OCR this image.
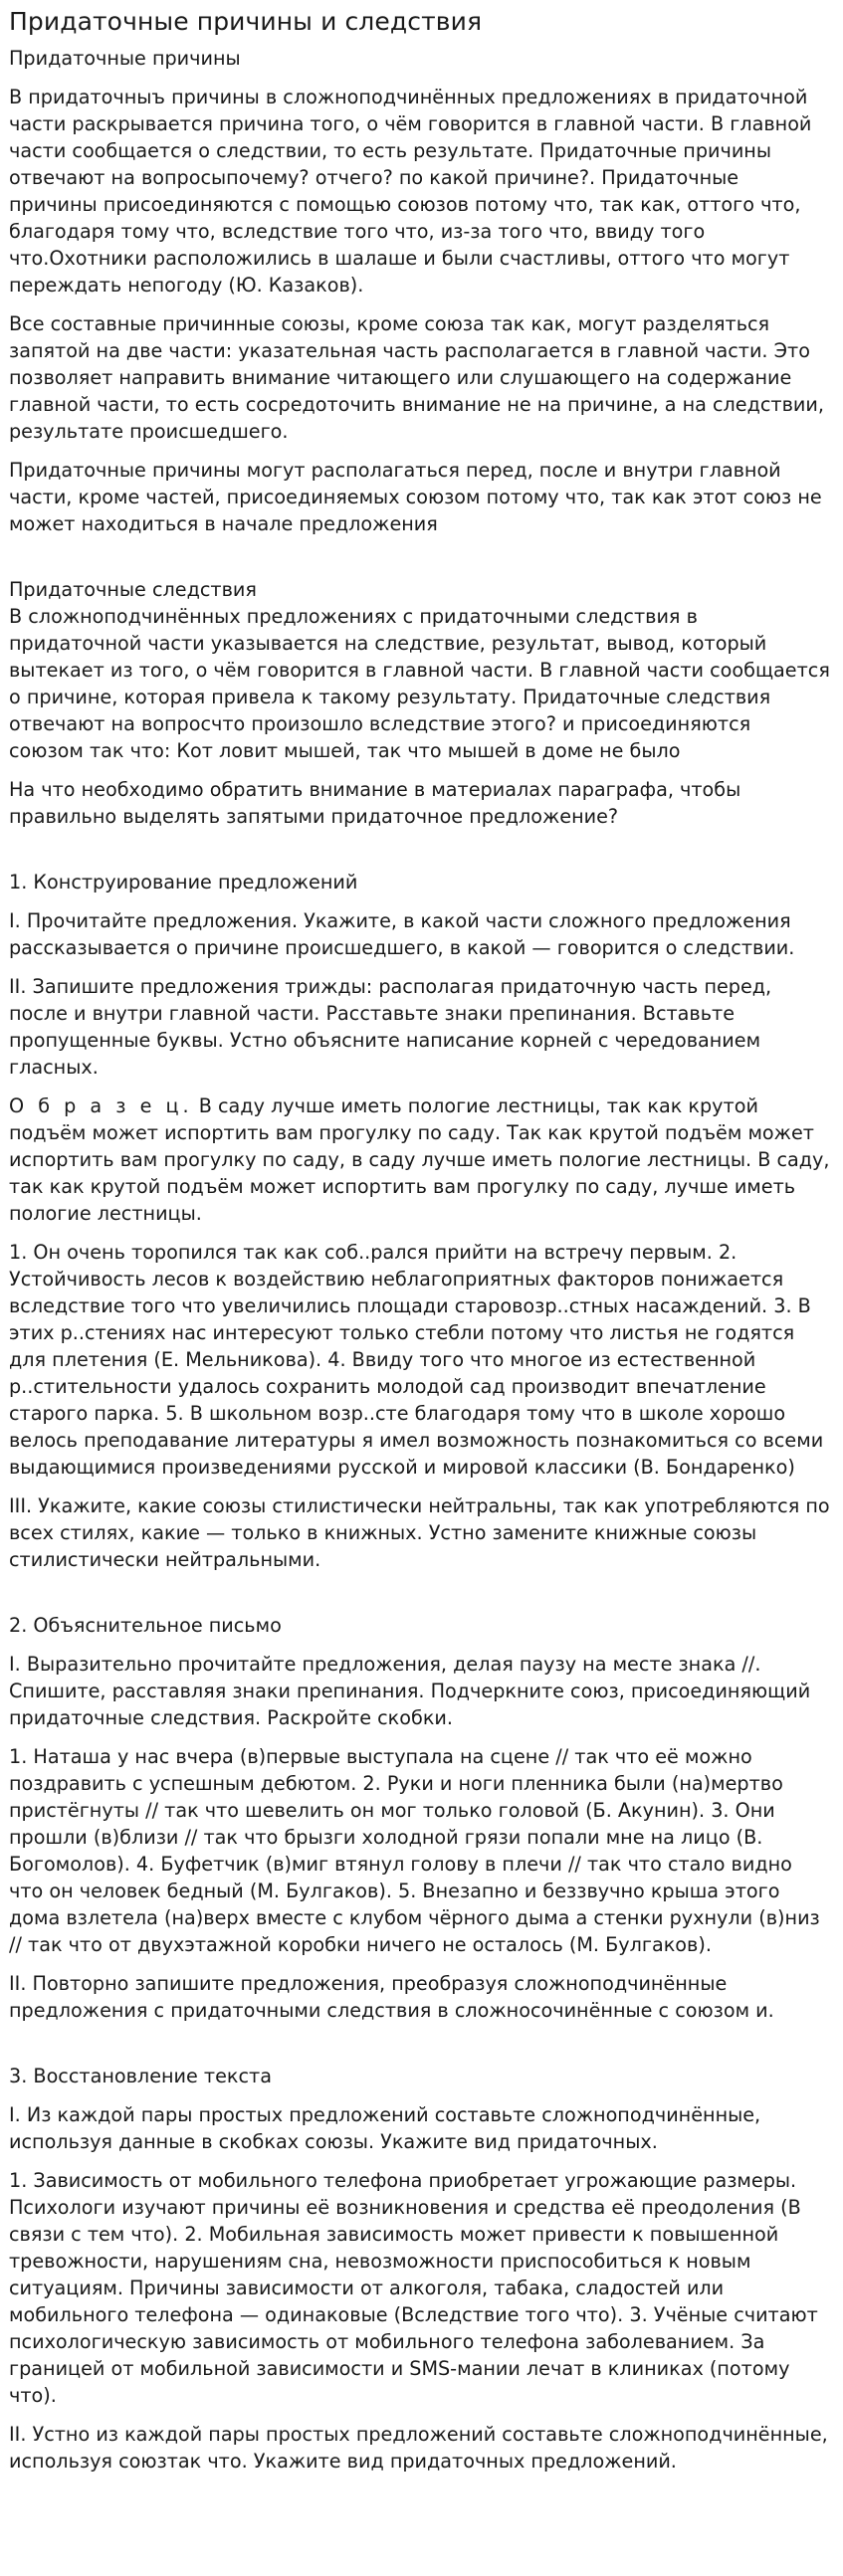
Придаточные причины и следствия
Придаточные причины

В придаточныъ причины в сложноподчинённых предложениях в придаточной части раскрывается причина того, о чём говорится в главной части. В главной части сообщается о следствии, то есть результате. Придаточные причины отвечают на вопросыпочему? отчего? по какой причине?. Придаточные причины присоединяются с помощью союзов потому что, так как, оттого что, благодаря тому что, вследствие того что, из-за того что, ввиду того что.Охотники расположились в шалаше и были счастливы, оттого что могут переждать непогоду (Ю. Казаков).

Все составные причинные союзы, кроме союза так как, могут разделяться запятой на две части: указательная часть располагается в главной части. Это позволяет направить внимание читающего или слушающего на содержание главной части, то есть сосредоточить внимание не на причине, а на следствии, результате происшедшего.

Придаточные причины могут располагаться перед, после и внутри главной части, кроме частей, присоединяемых союзом потому что, так как этот союз не может находиться в начале предложения

Придаточные следствия

В сложноподчинённых предложениях с придаточными следствия в придаточной части указывается на следствие, результат, вывод, который вытекает из того, о чём говорится в главной части. В главной части сообщается о причине, которая привела к такому результату. Придаточные следствия отвечают на вопросчто произошло вследствие этого? и присоединяются союзом так что: Кот ловит мышей, так что мышей в доме не было

На что необходимо обратить внимание в материалах параграфа, чтобы правильно выделять запятыми придаточное предложение?

1. Конструирование предложений

I. Прочитайте предложения. Укажите, в какой части сложного предложения рассказывается о причине происшедшего, в какой — говорится о следствии.

II. Запишите предложения трижды: располагая придаточную часть перед, после и внутри главной части. Расставьте знаки препинания. Вставьте пропущенные буквы. Устно объясните написание корней с чередованием гласных.

О б р а з е ц. В саду лучше иметь пологие лестницы, так как крутой подъём может испортить вам прогулку по саду. Так как крутой подъём может испортить вам прогулку по саду, в саду лучше иметь пологие лестницы. В саду, так как крутой подъём может испортить вам прогулку по саду, лучше иметь пологие лестницы.

1. Он очень торопился так как соб..рался прийти на встречу первым. 2. Устойчивость лесов к воздействию неблагоприятных факторов понижается вследствие того что увеличились площади старовозр..стных насаждений. 3. В этих р..стениях нас интересуют только стебли потому что листья не годятся для плетения (Е. Мельникова). 4. Ввиду того что многое из естественной р..стительности удалось сохранить молодой сад производит впечатление старого парка. 5. В школьном возр..сте благодаря тому что в школе хорошо велось преподавание литературы я имел возможность познакомиться со всеми выдающимися произведениями русской и мировой классики (В. Бондаренко)

III. Укажите, какие союзы стилистически нейтральны, так как употребляются по всех стилях, какие — только в книжных. Устно замените книжные союзы стилистически нейтральными.

2. Объяснительное письмо

I. Выразительно прочитайте предложения, делая паузу на месте знака //. Спишите, расставляя знаки препинания. Подчеркните союз, присоединяющий придаточные следствия. Раскройте скобки.

1. Наташа у нас вчера (в)первые выступала на сцене // так что её можно поздравить с успешным дебютом. 2. Руки и ноги пленника были (на)мертво пристёгнуты // так что шевелить он мог только головой (Б. Акунин). 3. Они прошли (в)близи // так что брызги холодной грязи попали мне на лицо (В. Богомолов). 4. Буфетчик (в)миг втянул голову в плечи // так что стало видно что он человек бедный (М. Булгаков). 5. Внезапно и беззвучно крыша этого дома взлетела (на)верх вместе с клубом чёрного дыма а стенки рухнули (в)низ // так что от двухэтажной коробки ничего не осталось (М. Булгаков).

II. Повторно запишите предложения, преобразуя сложноподчинённые предложения с придаточными следствия в сложносочинённые с союзом и.

3. Восстановление текста

I. Из каждой пары простых предложений составьте сложноподчинённые, используя данные в скобках союзы. Укажите вид придаточных.

1. Зависимость от мобильного телефона приобретает угрожающие размеры. Психологи изучают причины её возникновения и средства её преодоления (В связи с тем что). 2. Мобильная зависимость может привести к повышенной тревожности, нарушениям сна, невозможности приспособиться к новым ситуациям. Причины зависимости от алкоголя, табака, сладостей или мобильного телефона — одинаковые (Вследствие того что). 3. Учёные считают психологическую зависимость от мобильного телефона заболеванием. За границей от мобильной зависимости и SMS-мании лечат в клиниках (потому что).

II. Устно из каждой пары простых предложений составьте сложноподчинённые, используя союзтак что. Укажите вид придаточных предложений.
